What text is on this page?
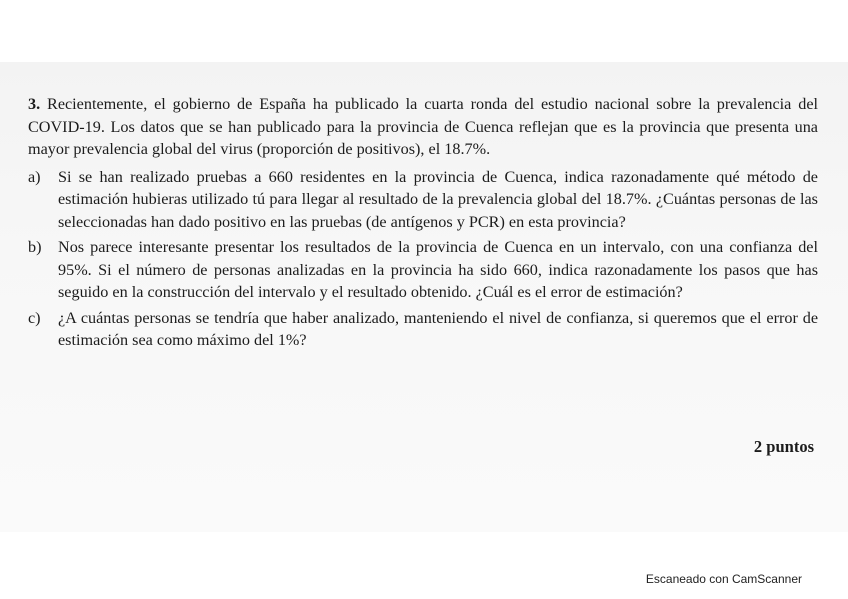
3. Recientemente, el gobierno de España ha publicado la cuarta ronda del estudio nacional sobre la prevalencia del COVID-19. Los datos que se han publicado para la provincia de Cuenca reflejan que es la provincia que presenta una mayor prevalencia global del virus (proporción de positivos), el 18.7%.

a)	Si se han realizado pruebas a 660 residentes en la provincia de Cuenca, indica razonadamente qué método de estimación hubieras utilizado tú para llegar al resultado de la prevalencia global del 18.7%. ¿Cuántas personas de las seleccionadas han dado positivo en las pruebas (de antígenos y PCR) en esta provincia?
b)	Nos parece interesante presentar los resultados de la provincia de Cuenca en un intervalo, con una confianza del 95%. Si el número de personas analizadas en la provincia ha sido 660, indica razonadamente los pasos que has seguido en la construcción del intervalo y el resultado obtenido. ¿Cuál es el error de estimación?
c)	¿A cuántas personas se tendría que haber analizado, manteniendo el nivel de confianza, si queremos que el error de estimación sea como máximo del 1%?
2 puntos
Escaneado con CamScanner
